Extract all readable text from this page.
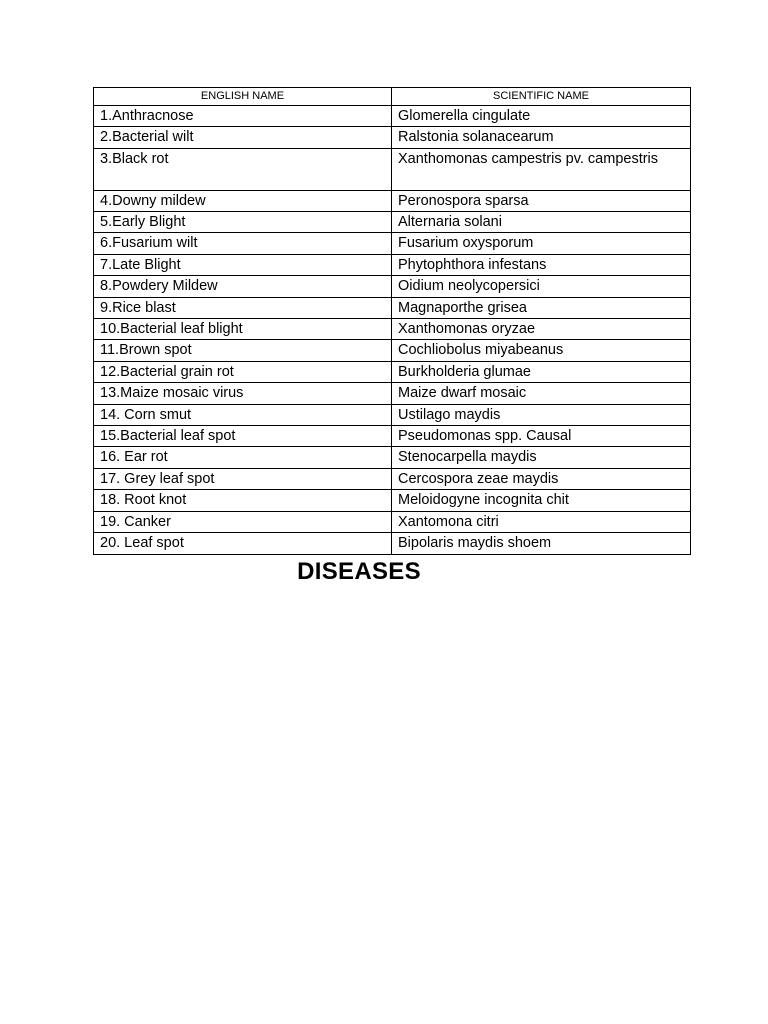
ENGLISH NAME	SCIENTIFIC NAME
1.Anthracnose	Glomerella cingulate
2.Bacterial wilt	Ralstonia solanacearum
3.Black rot	Xanthomonas campestris pv. campestris
4.Downy mildew	Peronospora sparsa
5.Early Blight	Alternaria solani
6.Fusarium wilt	Fusarium oxysporum
7.Late Blight	Phytophthora infestans
8.Powdery Mildew	Oidium neolycopersici
9.Rice blast	Magnaporthe grisea
10.Bacterial leaf blight	Xanthomonas oryzae
11.Brown spot	Cochliobolus miyabeanus
12.Bacterial grain rot	Burkholderia glumae
13.Maize mosaic virus	Maize dwarf mosaic
14. Corn smut	Ustilago maydis
15.Bacterial leaf spot	Pseudomonas spp. Causal
16. Ear rot	Stenocarpella maydis
17. Grey leaf spot	Cercospora zeae maydis
18. Root knot	Meloidogyne incognita chit
19. Canker	Xantomona citri
20. Leaf spot	Bipolaris maydis shoem
DISEASES
